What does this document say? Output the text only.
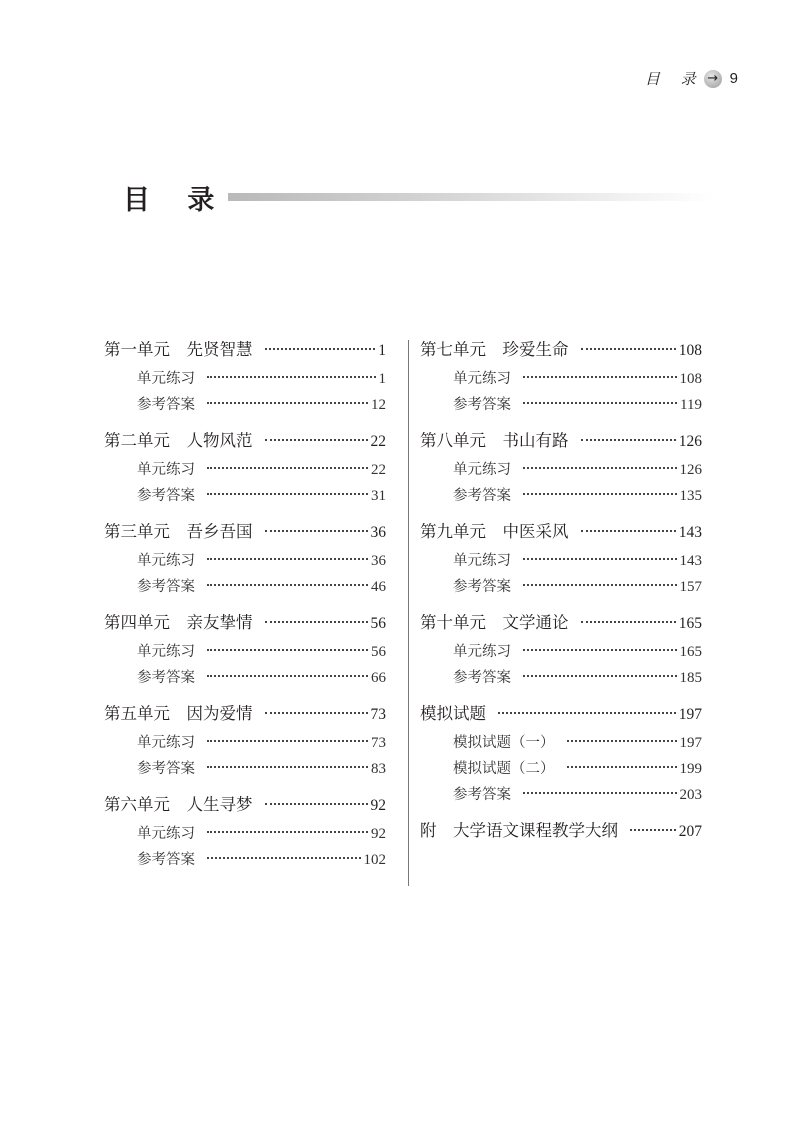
目 录 → 9
目 录
第一单元　先贤智慧	1
单元练习	1
参考答案	12
第二单元　人物风范	22
单元练习	22
参考答案	31
第三单元　吾乡吾国	36
单元练习	36
参考答案	46
第四单元　亲友挚情	56
单元练习	56
参考答案	66
第五单元　因为爱情	73
单元练习	73
参考答案	83
第六单元　人生寻梦	92
单元练习	92
参考答案	102
第七单元　珍爱生命	108
单元练习	108
参考答案	119
第八单元　书山有路	126
单元练习	126
参考答案	135
第九单元　中医采风	143
单元练习	143
参考答案	157
第十单元　文学通论	165
单元练习	165
参考答案	185
模拟试题	197
模拟试题（一）	197
模拟试题（二）	199
参考答案	203
附　大学语文课程教学大纲	207
